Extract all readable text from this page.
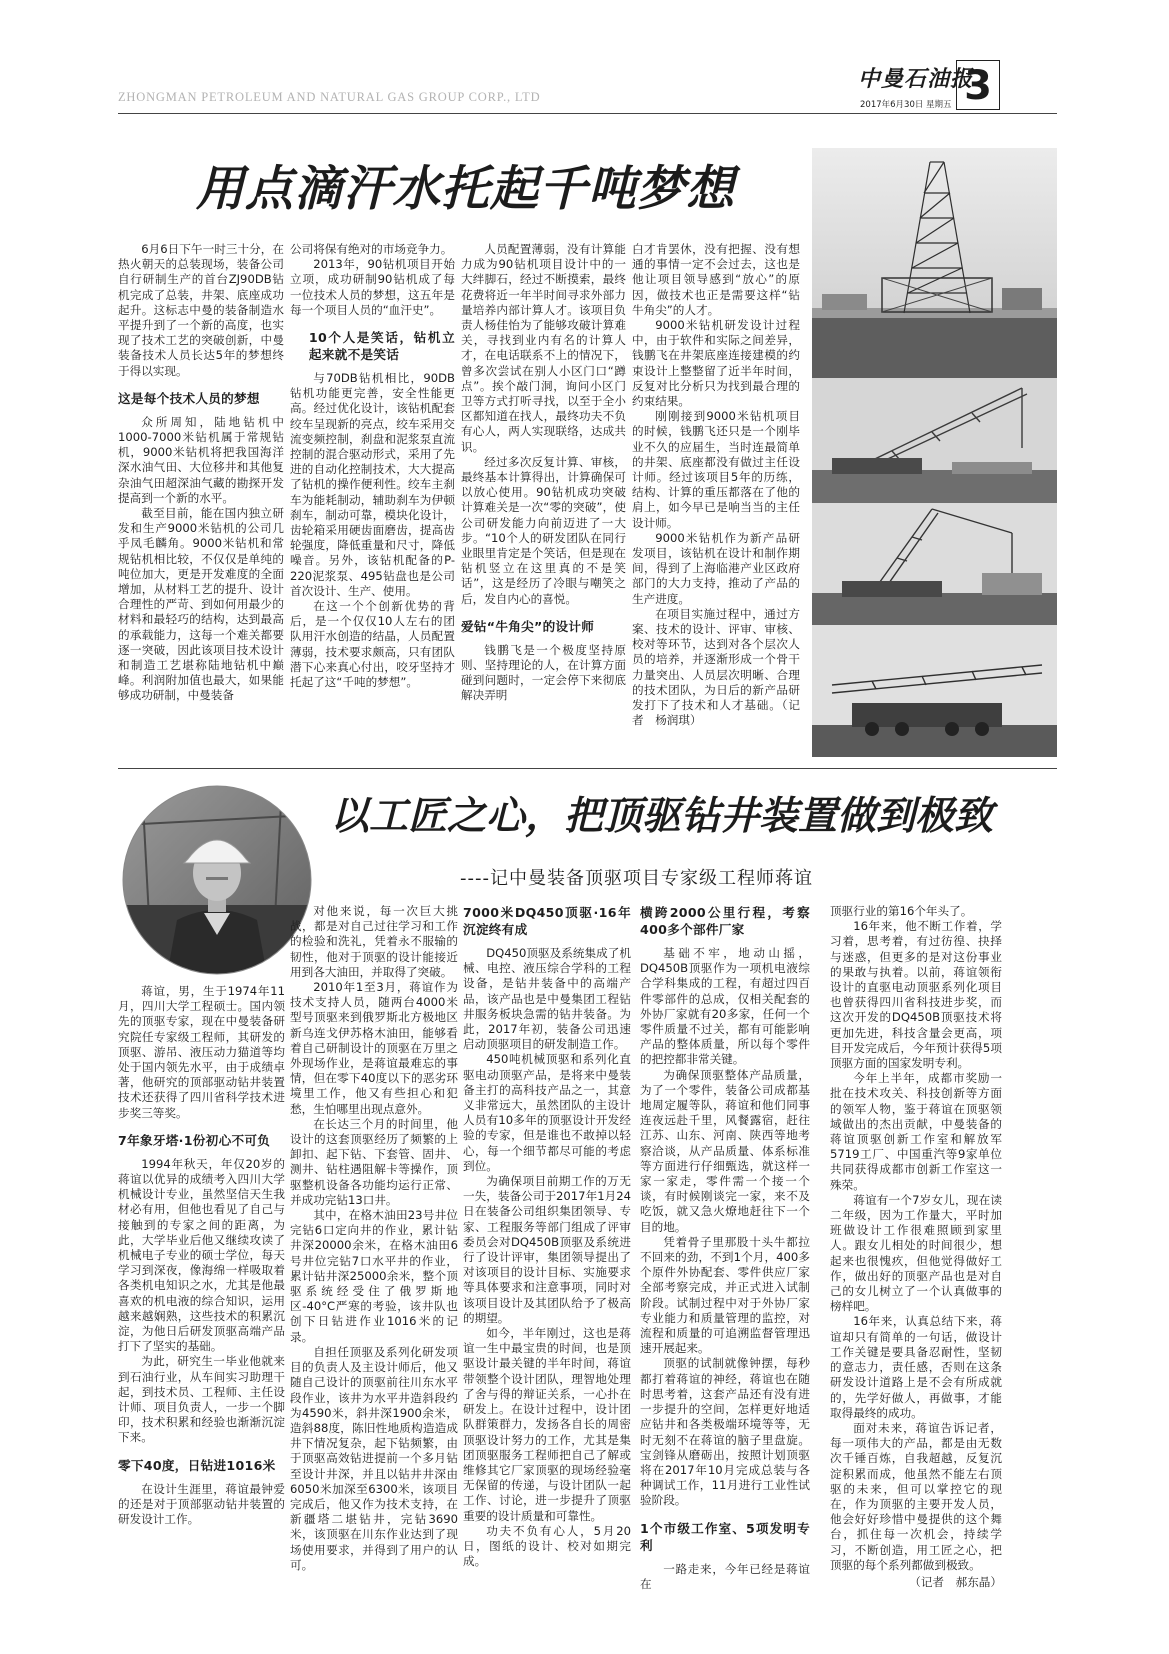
ZHONGMAN PETROLEUM AND NATURAL GAS GROUP CORP., LTD
中曼石油报
2017年6月30日 星期五 3
用点滴汗水托起千吨梦想

6月6日下午一时三十分，在热火朝天的总装现场，装备公司自行研制生产的首台ZJ90DB钻机完成了总装，井架、底座成功起升。这标志中曼的装备制造水平提升到了一个新的高度，也实现了技术工艺的突破创新，中曼装备技术人员长达5年的梦想终于得以实现。

这是每个技术人员的梦想

众所周知，陆地钻机中1000-7000米钻机属于常规钻机，9000米钻机将把我国海洋深水油气田、大位移井和其他复杂油气田超深油气藏的勘探开发提高到一个新的水平。

截至目前，能在国内独立研发和生产9000米钻机的公司几乎凤毛麟角。9000米钻机和常规钻机相比较，不仅仅是单纯的吨位加大，更是开发难度的全面增加，从材料工艺的提升、设计合理性的严苛、到如何用最少的材料和最轻巧的结构，达到最高的承载能力，这每一个难关都要逐一突破，因此该项目技术设计和制造工艺堪称陆地钻机中巅峰。利润附加值也最大，如果能够成功研制，中曼装备

公司将保有绝对的市场竞争力。

2013年，90钻机项目开始立项，成功研制90钻机成了每一位技术人员的梦想，这五年是每一个项目人员的“血汗史”。

10个人是笑话，钻机立起来就不是笑话

与70DB钻机相比，90DB钻机功能更完善，安全性能更高。经过优化设计，该钻机配套绞车呈现新的亮点，绞车采用交流变频控制，刹盘和泥浆泵直流控制的混合驱动形式，采用了先进的自动化控制技术，大大提高了钻机的操作便利性。绞车主刹车为能耗制动，辅助刹车为伊顿刹车，制动可靠，模块化设计，齿轮箱采用硬齿面磨齿，提高齿轮强度，降低重量和尺寸，降低噪音。另外，该钻机配备的P-220泥浆泵、495钻盘也是公司首次设计、生产、使用。

在这一个个创新优势的背后，是一个仅仅10人左右的团队用汗水创造的结晶，人员配置薄弱，技术要求颇高，只有团队潜下心来真心付出，咬牙坚持才托起了这“千吨的梦想”。

人员配置薄弱，没有计算能力成为90钻机项目设计中的一大绊脚石，经过不断摸索，最终花费将近一年半时间寻求外部力量培养内部计算人才。该项目负责人杨佳怡为了能够攻破计算难关，寻找到业内有名的计算人才，在电话联系不上的情况下，曾多次尝试在别人小区门口“蹲点”。挨个敲门洞，询问小区门卫等方式打听寻找，以至于全小区都知道在找人，最终功夫不负有心人，两人实现联络，达成共识。

经过多次反复计算、审核，最终基本计算得出，计算确保可以放心使用。90钻机成功突破计算难关是一次“零的突破”，使公司研发能力向前迈进了一大步。“10个人的研发团队在同行业眼里肯定是个笑话，但是现在钻机竖立在这里真的不是笑话”，这是经历了冷眼与嘲笑之后，发自内心的喜悦。

爱钻“牛角尖”的设计师

钱鹏飞是一个极度坚持原则、坚持理论的人，在计算方面碰到问题时，一定会停下来彻底解决弄明

白才肯罢休，没有把握、没有想通的事情一定不会过去，这也是他让项目领导感到“放心”的原因，做技术也正是需要这样“钻牛角尖”的人才。

9000米钻机研发设计过程中，由于软件和实际之间差异，钱鹏飞在井架底座连接建模的约束设计上整整留了近半年时间，反复对比分析只为找到最合理的约束结果。

刚刚接到9000米钻机项目的时候，钱鹏飞还只是一个刚毕业不久的应届生，当时连最简单的井架、底座都没有做过主任设计师。经过该项目5年的历练，结构、计算的重压都落在了他的肩上，如今早已是响当当的主任设计师。

9000米钻机作为新产品研发项目，该钻机在设计和制作期间，得到了上海临港产业区政府部门的大力支持，推动了产品的生产进度。

在项目实施过程中，通过方案、技术的设计、评审、审核、校对等环节，达到对各个层次人员的培养，并逐渐形成一个骨干力量突出、人员层次明晰、合理的技术团队，为日后的新产品研发打下了技术和人才基础。（记者　杨润琪）

以工匠之心，把顶驱钻井装置做到极致
----记中曼装备顶驱项目专家级工程师蒋谊

蒋谊，男，生于1974年11月，四川大学工程硕士。国内领先的顶驱专家，现在中曼装备研究院任专家级工程师，其研发的顶驱、游吊、液压动力猫道等均处于国内领先水平，由于成绩卓著，他研究的顶部驱动钻井装置技术还获得了四川省科学技术进步奖三等奖。

7年象牙塔·1份初心不可负

1994年秋天，年仅20岁的蒋谊以优异的成绩考入四川大学机械设计专业，虽然坚信天生我材必有用，但他也看见了自己与接触到的专家之间的距离，为此，大学毕业后他又继续攻读了机械电子专业的硕士学位，每天学习到深夜，像海绵一样吸取着各类机电知识之水，尤其是他最喜欢的机电液的综合知识，运用越来越娴熟，这些技术的积累沉淀，为他日后研发顶驱高端产品打下了坚实的基础。

为此，研究生一毕业他就来到石油行业，从车间实习助理干起，到技术员、工程师、主任设计师、项目负责人，一步一个脚印，技术积累和经验也渐渐沉淀下来。

零下40度，日钻进1016米

在设计生涯里，蒋谊最钟爱的还是对于顶部驱动钻井装置的研发设计工作。

对他来说，每一次巨大挑战，都是对自己过往学习和工作的检验和洗礼，凭着永不服输的韧性，他对于顶驱的设计能接近用到各大油田，并取得了突破。

2010年1至3月，蒋谊作为技术支持人员，随两台4000米型号顶驱来到俄罗斯北方极地区新乌连戈伊苏格木油田，能够看着自己研制设计的顶驱在万里之外现场作业，是蒋谊最难忘的事情，但在零下40度以下的恶劣环境里工作，他又有些担心和犯愁，生怕哪里出现点意外。

在长达三个月的时间里，他设计的这套顶驱经历了频繁的上卸扣、起下钻、下套管、固井、测井、钻柱遇阻解卡等操作，顶驱整机设备各功能均运行正常、并成功完钻13口井。

其中，在格木油田23号井位完钻6口定向井的作业，累计钻井深20000余米，在格木油田6号井位完钻7口水平井的作业，累计钻井深25000余米，整个顶驱系统经受住了俄罗斯地区-40°C严寒的考验，该井队也创下日钻进作业1016米的记录。

自担任顶驱及系列化研发项目的负责人及主设计师后，他又随自己设计的顶驱前往川东水平段作业，该井为水平井造斜段约为4590米，斜井深1900余米，造斜88度，陈旧性地质构造造成井下情况复杂，起下钻频繁，由于顶驱高效钻进提前一个多月钻至设计井深，并且以钻井井深由6050米加深至6300米，该项目完成后，他又作为技术支持，在新疆塔二堪钻井，完钻3690米，该顶驱在川东作业达到了现场使用要求，并得到了用户的认可。

7000米DQ450顶驱·16年沉淀终有成

DQ450顶驱及系统集成了机械、电控、液压综合学科的工程设备，是钻井装备中的高端产品，该产品也是中曼集团工程钻井服务板块急需的钻井装备。为此，2017年初，装备公司迅速启动顶驱项目的研发制造工作。

450吨机械顶驱和系列化直驱电动顶驱产品，是将来中曼装备主打的高科技产品之一，其意义非常远大，虽然团队的主设计人员有10多年的顶驱设计开发经验的专家，但是谁也不敢掉以轻心，每一个细节都尽可能的考虑到位。

为确保项目前期工作的万无一失，装备公司于2017年1月24日在装备公司组织集团领导、专家、工程服务等部门组成了评审委员会对DQ450B顶驱及系统进行了设计评审，集团领导提出了对该项目的设计目标、实施要求等具体要求和注意事项，同时对该项目设计及其团队给予了极高的期望。

如今，半年刚过，这也是蒋谊一生中最宝贵的时间，也是顶驱设计最关键的半年时间，蒋谊带领整个设计团队，理智地处理了舍与得的辩证关系，一心扑在研发上。在设计过程中，设计团队群策群力，发扬各自长的周密顶驱设计努力的工作，尤其是集团顶驱服务工程师把自己了解或维修其它厂家顶驱的现场经验毫无保留的传递，与设计团队一起工作、讨论，进一步提升了顶驱重要的设计质量和可靠性。

功夫不负有心人，5月20日，图纸的设计、校对如期完成。

横跨2000公里行程，考察400多个部件厂家

基础不牢，地动山摇，DQ450B顶驱作为一项机电液综合学科集成的工程，有超过四百件零部件的总成，仅相关配套的外协厂家就有20多家，任何一个零件质量不过关，都有可能影响产品的整体质量，所以每个零件的把控都非常关键。

为确保顶驱整体产品质量，为了一个零件，装备公司成都基地周定履等队，蒋谊和他们同事连夜远赴千里，风餐露宿，赶往江苏、山东、河南、陕西等地考察洽谈，从产品质量、体系标准等方面进行仔细甄选，就这样一家一家走，零件需一个接一个谈，有时候刚谈完一家，来不及吃饭，就又急火燎地赶往下一个目的地。

凭着骨子里那股十头牛都拉不回来的劲，不到1个月，400多个原件外协配套、零件供应厂家全部考察完成，并正式进入试制阶段。试制过程中对于外协厂家专业能力和质量管理的监控，对流程和质量的可追溯监督管理迅速开展起来。

顶驱的试制就像钟摆，每秒都打着蒋谊的神经，蒋谊也在随时思考着，这套产品还有没有进一步提升的空间，怎样更好地适应钻井和各类极端环境等等，无时无刻不在蒋谊的脑子里盘旋。宝剑锋从磨砺出，按照计划顶驱将在2017年10月完成总装与各种调试工作，11月进行工业性试验阶段。

1个市级工作室、5项发明专利

一路走来，今年已经是蒋谊在

顶驱行业的第16个年头了。

16年来，他不断工作着，学习着，思考着，有过彷徨、抉择与迷惑，但更多的是对这份事业的果敢与执着。以前，蒋谊领衔设计的直驱电动顶驱系列化项目也曾获得四川省科技进步奖，而这次开发的DQ450B顶驱技术将更加先进，科技含量会更高，项目开发完成后，今年预计获得5项顶驱方面的国家发明专利。

今年上半年，成都市奖励一批在技术攻关、科技创新等方面的领军人物，鉴于蒋谊在顶驱领域做出的杰出贡献，中曼装备的蒋谊顶驱创新工作室和解放军5719工厂、中国重汽等9家单位共同获得成都市创新工作室这一殊荣。

蒋谊有一个7岁女儿，现在读二年级，因为工作量大，平时加班做设计工作很难照顾到家里人。跟女儿相处的时间很少，想起来也很愧疚，但他觉得做好工作，做出好的顶驱产品也是对自己的女儿树立了一个认真做事的榜样吧。

16年来，认真总结下来，蒋谊却只有简单的一句话，做设计工作关键是要具备忍耐性，坚韧的意志力，责任感，否则在这条研发设计道路上是不会有所成就的，先学好做人，再做事，才能取得最终的成功。

面对未来，蒋谊告诉记者，每一项伟大的产品，都是由无数次千锤百炼，自我超越，反复沉淀积累而成，他虽然不能左右顶驱的未来，但可以掌控它的现在，作为顶驱的主要开发人员，他会好好珍惜中曼提供的这个舞台，抓住每一次机会，持续学习，不断创造，用工匠之心，把顶驱的每个系列都做到极致。

（记者　郝东晶）
